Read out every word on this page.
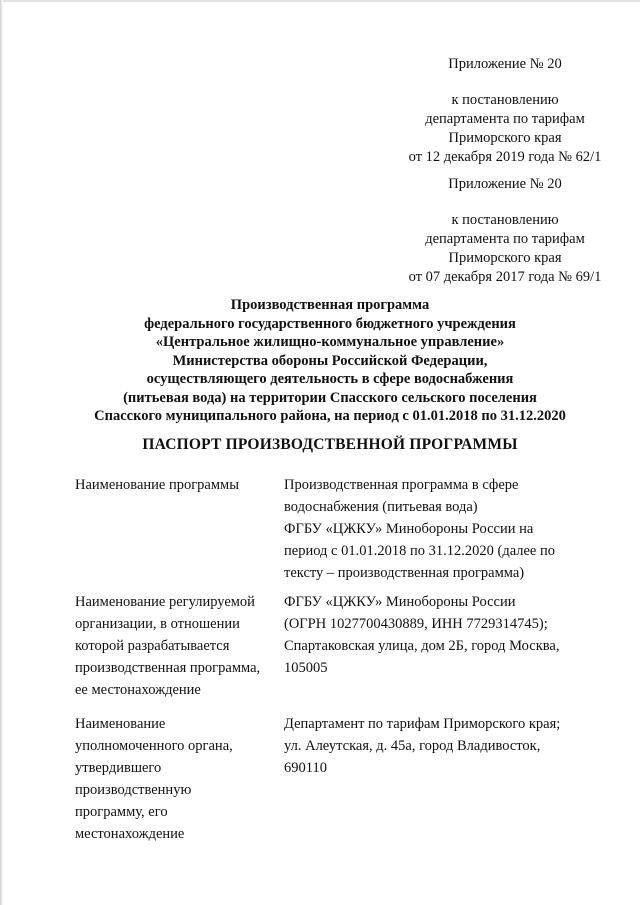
Приложение № 20
к постановлению
департамента по тарифам
Приморского края
от 12 декабря 2019 года № 62/1
Приложение № 20
к постановлению
департамента по тарифам
Приморского края
от 07 декабря 2017 года № 69/1
Производственная программа
федерального государственного бюджетного учреждения
«Центральное жилищно-коммунальное управление»
Министерства обороны Российской Федерации,
осуществляющего деятельность в сфере водоснабжения
(питьевая вода) на территории Спасского сельского поселения
Спасского муниципального района, на период с 01.01.2018 по 31.12.2020
ПАСПОРТ ПРОИЗВОДСТВЕННОЙ ПРОГРАММЫ
Наименование программы	Производственная программа в сфере
водоснабжения (питьевая вода)
ФГБУ «ЦЖКУ» Минобороны России на
период с 01.01.2018 по 31.12.2020 (далее по
тексту – производственная программа)
Наименование регулируемой
организации, в отношении
которой разрабатывается
производственная программа,
ее местонахождение
ФГБУ «ЦЖКУ» Минобороны России
(ОГРН 1027700430889, ИНН 7729314745);
Спартаковская улица, дом 2Б, город Москва,
105005
Наименование
уполномоченного органа,
утвердившего
производственную
программу, его
местонахождение
Департамент по тарифам Приморского края;
ул. Алеутская, д. 45а, город Владивосток,
690110
